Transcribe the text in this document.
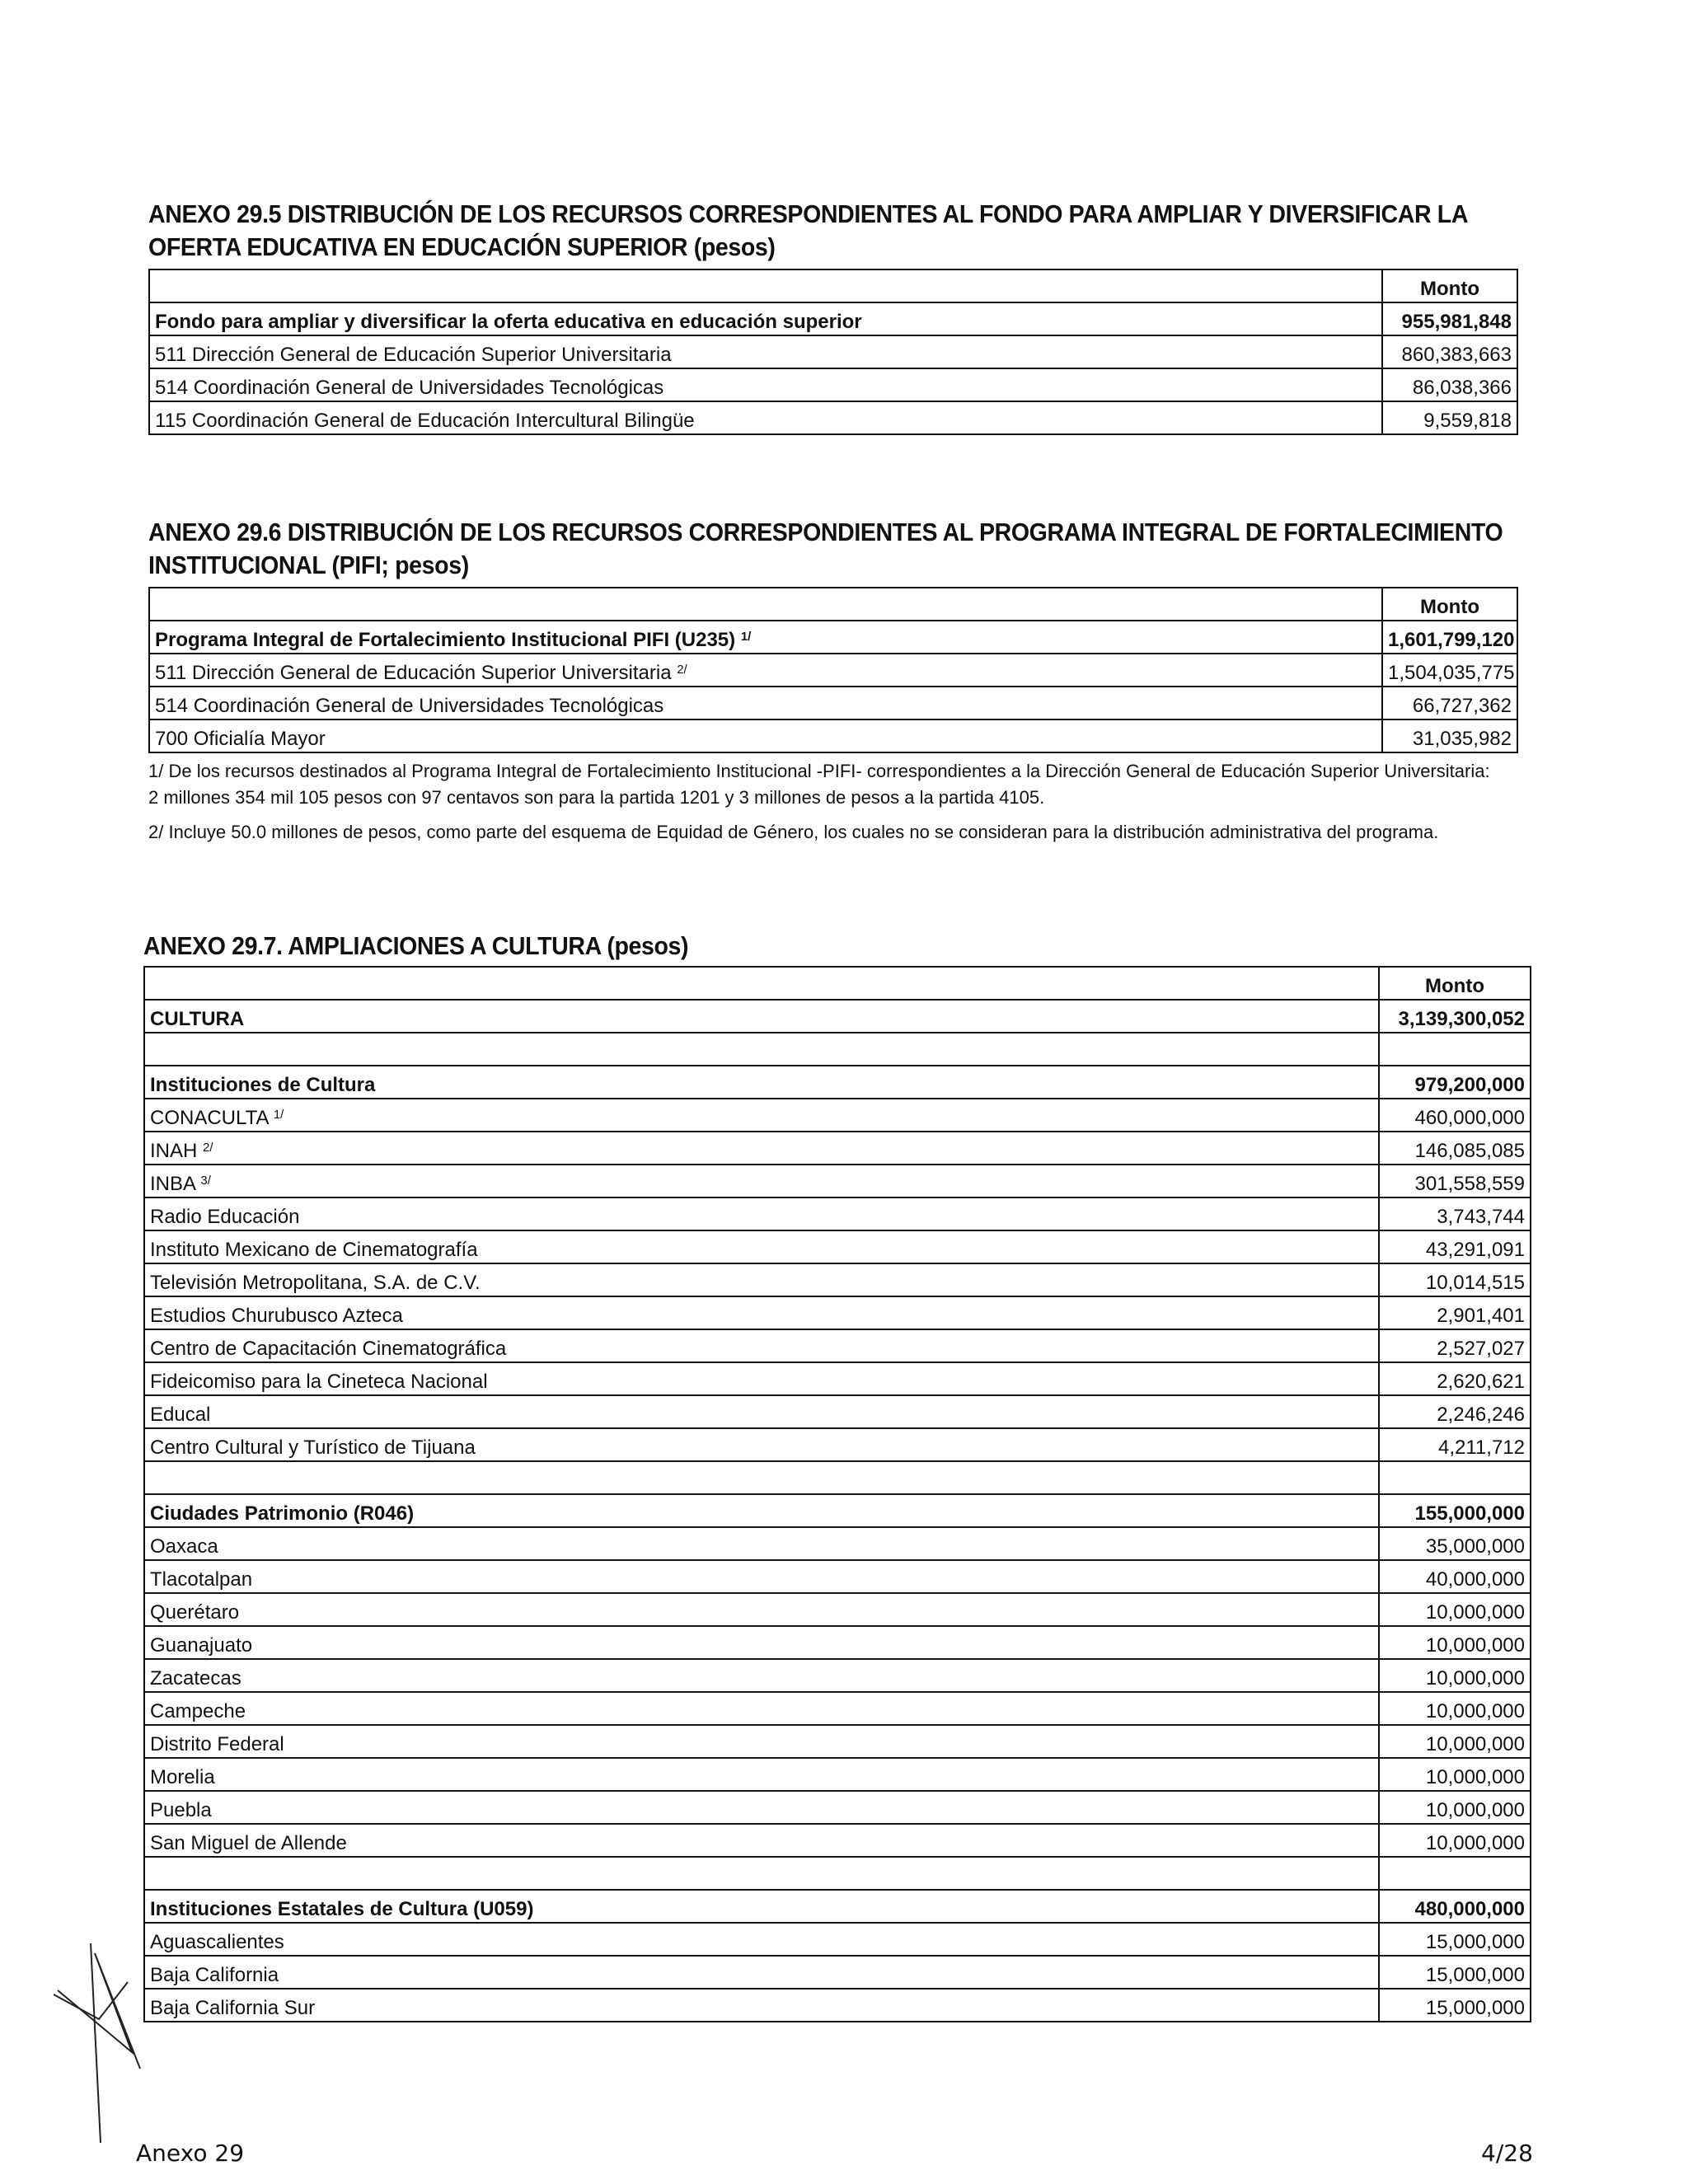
ANEXO 29.5 DISTRIBUCIÓN DE LOS RECURSOS CORRESPONDIENTES AL FONDO PARA AMPLIAR Y DIVERSIFICAR LA OFERTA EDUCATIVA EN EDUCACIÓN SUPERIOR (pesos)

	Monto
Fondo para ampliar y diversificar la oferta educativa en educación superior	955,981,848
511 Dirección General de Educación Superior Universitaria	860,383,663
514 Coordinación General de Universidades Tecnológicas	86,038,366
115 Coordinación General de Educación Intercultural Bilingüe	9,559,818

ANEXO 29.6 DISTRIBUCIÓN DE LOS RECURSOS CORRESPONDIENTES AL PROGRAMA INTEGRAL DE FORTALECIMIENTO INSTITUCIONAL (PIFI; pesos)

	Monto
Programa Integral de Fortalecimiento Institucional PIFI (U235) $^{1/}$	1,601,799,120
511 Dirección General de Educación Superior Universitaria $^{2/}$	1,504,035,775
514 Coordinación General de Universidades Tecnológicas	66,727,362
700 Oficialía Mayor	31,035,982

1/ De los recursos destinados al Programa Integral de Fortalecimiento Institucional -PIFI- correspondientes a la Dirección General de Educación Superior Universitaria: 2 millones 354 mil 105 pesos con 97 centavos son para la partida 1201 y 3 millones de pesos a la partida 4105.

2/ Incluye 50.0 millones de pesos, como parte del esquema de Equidad de Género, los cuales no se consideran para la distribución administrativa del programa.

ANEXO 29.7. AMPLIACIONES A CULTURA (pesos)

	Monto
CULTURA	3,139,300,052

Instituciones de Cultura	979,200,000
CONACULTA $^{1/}$	460,000,000
INAH $^{2/}$	146,085,085
INBA $^{3/}$	301,558,559
Radio Educación	3,743,744
Instituto Mexicano de Cinematografía	43,291,091
Televisión Metropolitana, S.A. de C.V.	10,014,515
Estudios Churubusco Azteca	2,901,401
Centro de Capacitación Cinematográfica	2,527,027
Fideicomiso para la Cineteca Nacional	2,620,621
Educal	2,246,246
Centro Cultural y Turístico de Tijuana	4,211,712

Ciudades Patrimonio (R046)	155,000,000
Oaxaca	35,000,000
Tlacotalpan	40,000,000
Querétaro	10,000,000
Guanajuato	10,000,000
Zacatecas	10,000,000
Campeche	10,000,000
Distrito Federal	10,000,000
Morelia	10,000,000
Puebla	10,000,000
San Miguel de Allende	10,000,000

Instituciones Estatales de Cultura (U059)	480,000,000
Aguascalientes	15,000,000
Baja California	15,000,000
Baja California Sur	15,000,000
Anexo 29	4/28
